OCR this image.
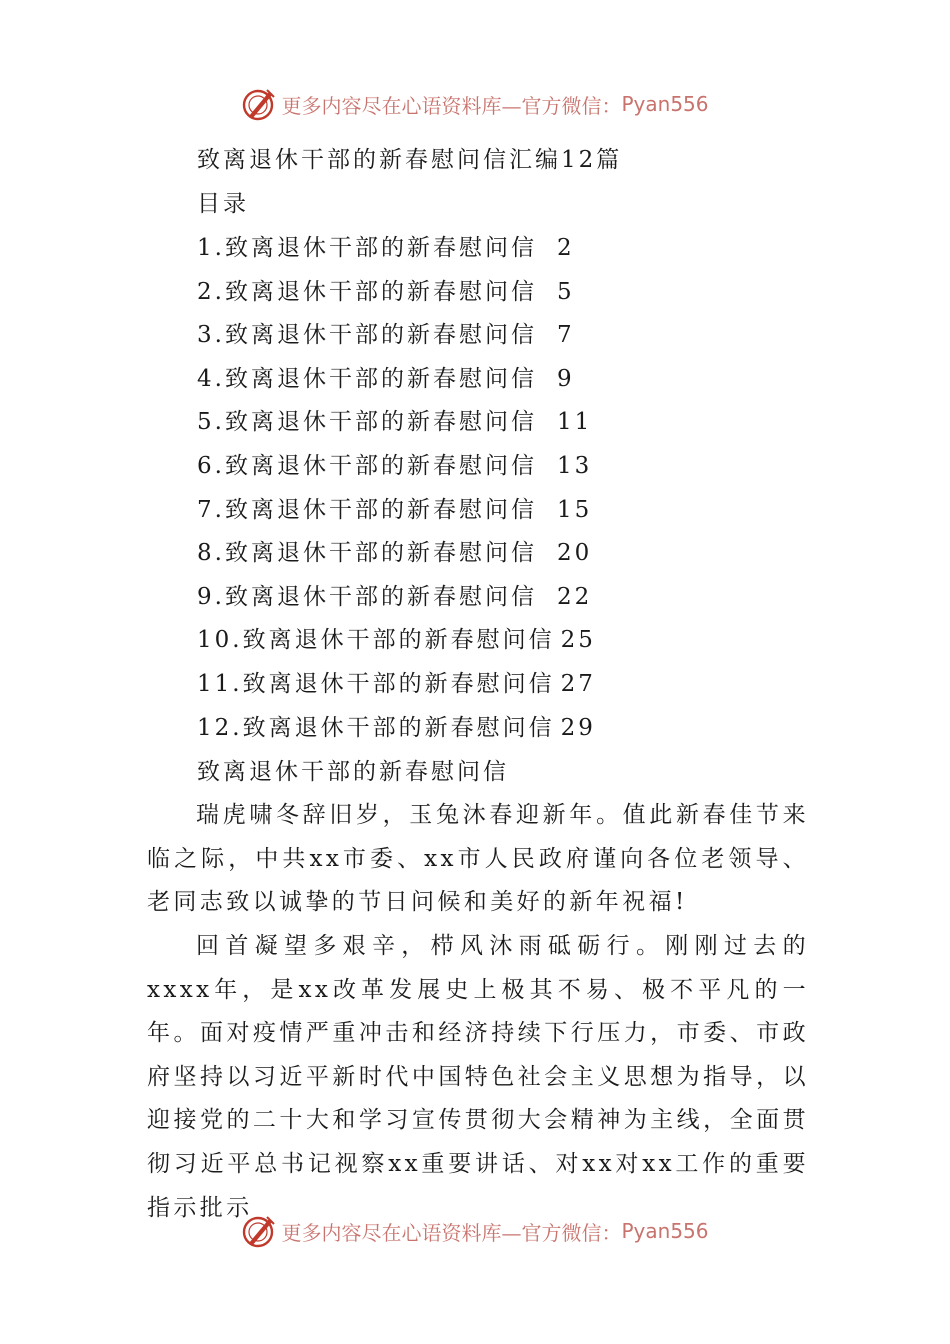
更多内容尽在心语资料库—官方微信： Pyan556
致离退休干部的新春慰问信汇编12篇
目录
1.致离退休干部的新春慰问信 2
2.致离退休干部的新春慰问信 5
3.致离退休干部的新春慰问信 7
4.致离退休干部的新春慰问信 9
5.致离退休干部的新春慰问信 11
6.致离退休干部的新春慰问信 13
7.致离退休干部的新春慰问信 15
8.致离退休干部的新春慰问信 20
9.致离退休干部的新春慰问信 22
10.致离退休干部的新春慰问信 25
11.致离退休干部的新春慰问信 27
12.致离退休干部的新春慰问信 29
致离退休干部的新春慰问信
瑞虎啸冬辞旧岁，玉兔沐春迎新年。值此新春佳节来临之际，中共xx市委、xx市人民政府谨向各位老领导、老同志致以诚挚的节日问候和美好的新年祝福!
回首凝望多艰辛，栉风沐雨砥砺行。刚刚过去的xxxx年，是xx改革发展史上极其不易、极不平凡的一年。面对疫情严重冲击和经济持续下行压力，市委、市政府坚持以习近平新时代中国特色社会主义思想为指导，以迎接党的二十大和学习宣传贯彻大会精神为主线，全面贯彻习近平总书记视察xx重要讲话、对xx对xx工作的重要指示批示
更多内容尽在心语资料库—官方微信： Pyan556
